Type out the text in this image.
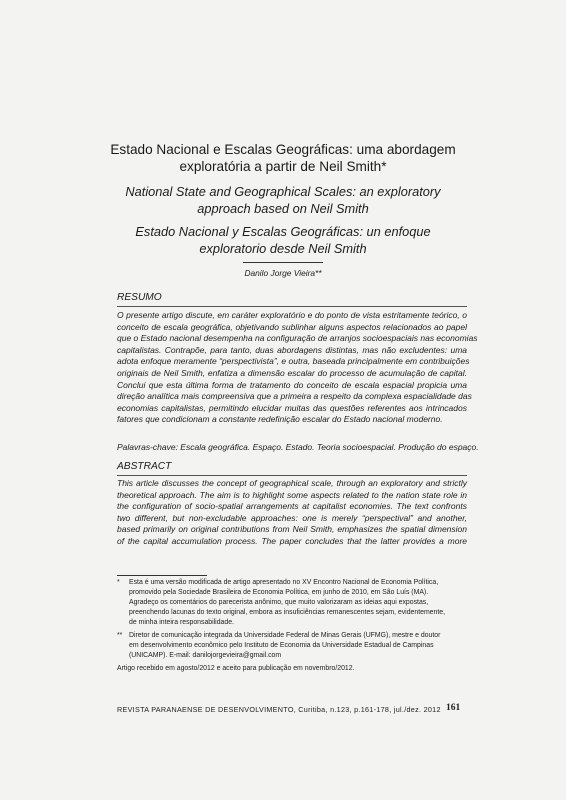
Estado Nacional e Escalas Geográficas: uma abordagem
exploratória a partir de Neil Smith*
National State and Geographical Scales: an exploratory
approach based on Neil Smith
Estado Nacional y Escalas Geográficas: un enfoque
exploratorio desde Neil Smith
Danilo Jorge Vieira**
RESUMO
O presente artigo discute, em caráter exploratório e do ponto de vista estritamente teórico, o
conceito de escala geográfica, objetivando sublinhar alguns aspectos relacionados ao papel
que o Estado nacional desempenha na configuração de arranjos socioespaciais nas economias
capitalistas. Contrapõe, para tanto, duas abordagens distintas, mas não excludentes: uma
adota enfoque meramente “perspectivista”, e outra, baseada principalmente em contribuições
originais de Neil Smith, enfatiza a dimensão escalar do processo de acumulação de capital.
Conclui que esta última forma de tratamento do conceito de escala espacial propicia uma
direção analítica mais compreensiva que a primeira a respeito da complexa espacialidade das
economias capitalistas, permitindo elucidar muitas das questões referentes aos intrincados
fatores que condicionam a constante redefinição escalar do Estado nacional moderno.
Palavras-chave: Escala geográfica. Espaço. Estado. Teoria socioespacial. Produção do espaço.
ABSTRACT
This article discusses the concept of geographical scale, through an exploratory and strictly
theoretical approach. The aim is to highlight some aspects related to the nation state role in
the configuration of socio-spatial arrangements at capitalist economies. The text confronts
two different, but non-excludable approaches: one is merely “perspectival” and another,
based primarily on original contributions from Neil Smith, emphasizes the spatial dimension
of the capital accumulation process. The paper concludes that the latter provides a more
* Esta é uma versão modificada de artigo apresentado no XV Encontro Nacional de Economia Política,
promovido pela Sociedade Brasileira de Economia Política, em junho de 2010, em São Luís (MA).
Agradeço os comentários do parecerista anônimo, que muito valorizaram as ideias aqui expostas,
preenchendo lacunas do texto original, embora as insuficiências remanescentes sejam, evidentemente,
de minha inteira responsabilidade.
** Diretor de comunicação integrada da Universidade Federal de Minas Gerais (UFMG), mestre e doutor
em desenvolvimento econômico pelo Instituto de Economia da Universidade Estadual de Campinas
(UNICAMP). E-mail: danilojorgevieira@gmail.com
Artigo recebido em agosto/2012 e aceito para publicação em novembro/2012.
REVISTA PARANAENSE DE DESENVOLVIMENTO, Curitiba, n.123, p.161-178, jul./dez. 2012 161
